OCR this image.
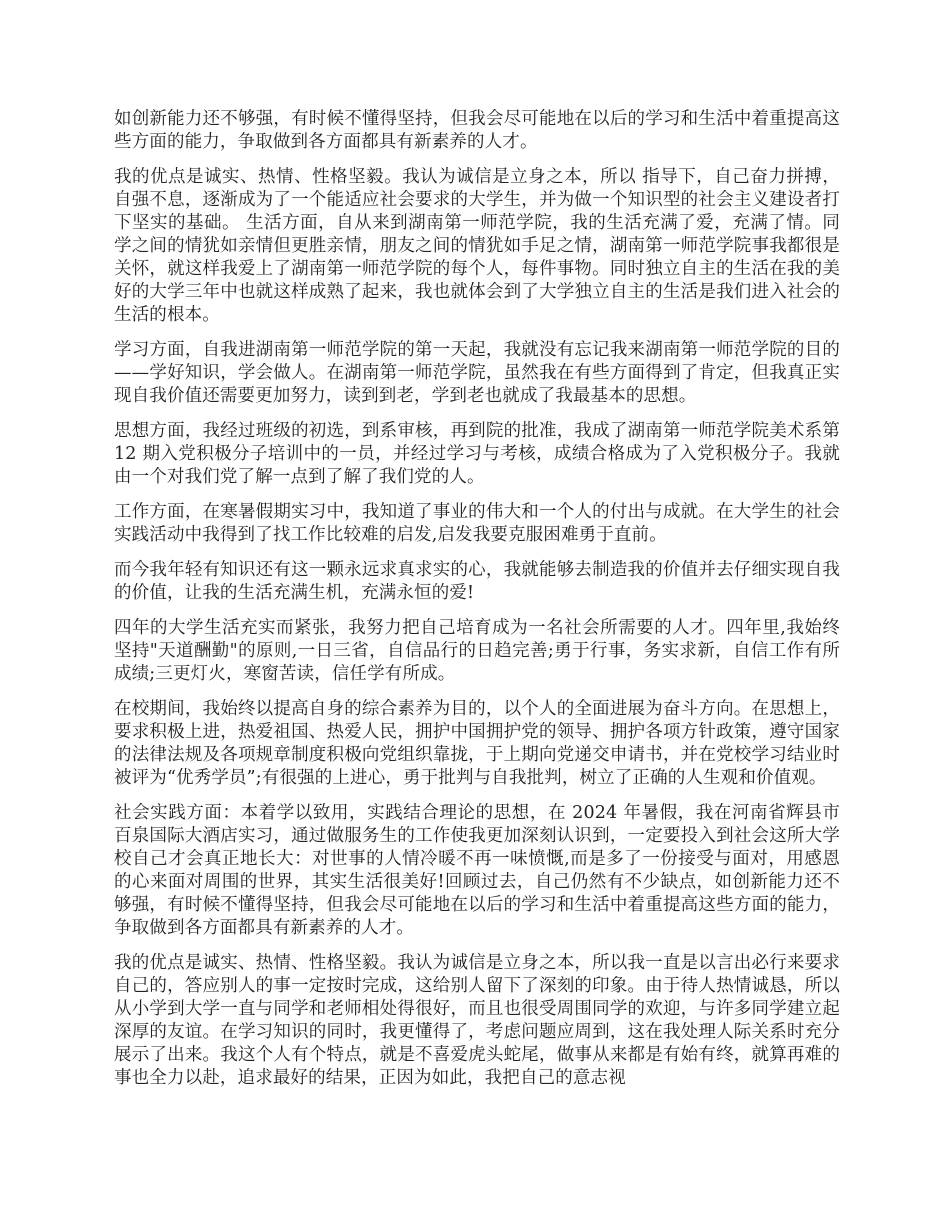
如创新能力还不够强，有时候不懂得坚持，但我会尽可能地在以后的学习和生活中着重提高这些方面的能力，争取做到各方面都具有新素养的人才。

我的优点是诚实、热情、性格坚毅。我认为诚信是立身之本，所以 指导下，自己奋力拼搏，自强不息，逐渐成为了一个能适应社会要求的大学生，并为做一个知识型的社会主义建设者打下坚实的基础。 生活方面，自从来到湖南第一师范学院，我的生活充满了爱，充满了情。同学之间的情犹如亲情但更胜亲情，朋友之间的情犹如手足之情，湖南第一师范学院事我都很是关怀，就这样我爱上了湖南第一师范学院的每个人，每件事物。同时独立自主的生活在我的美好的大学三年中也就这样成熟了起来，我也就体会到了大学独立自主的生活是我们进入社会的生活的根本。

学习方面，自我进湖南第一师范学院的第一天起，我就没有忘记我来湖南第一师范学院的目的——学好知识，学会做人。在湖南第一师范学院，虽然我在有些方面得到了肯定，但我真正实现自我价值还需要更加努力，读到到老，学到老也就成了我最基本的思想。

思想方面，我经过班级的初选，到系审核，再到院的批准，我成了湖南第一师范学院美术系第 12 期入党积极分子培训中的一员，并经过学习与考核，成绩合格成为了入党积极分子。我就由一个对我们党了解一点到了解了我们党的人。

工作方面，在寒暑假期实习中，我知道了事业的伟大和一个人的付出与成就。在大学生的社会实践活动中我得到了找工作比较难的启发,启发我要克服困难勇于直前。

而今我年轻有知识还有这一颗永远求真求实的心，我就能够去制造我的价值并去仔细实现自我的价值，让我的生活充满生机，充满永恒的爱!

四年的大学生活充实而紧张，我努力把自己培育成为一名社会所需要的人才。四年里,我始终坚持"天道酬勤"的原则,一日三省，自信品行的日趋完善;勇于行事，务实求新，自信工作有所成绩;三更灯火，寒窗苦读，信任学有所成。

在校期间，我始终以提高自身的综合素养为目的，以个人的全面进展为奋斗方向。在思想上，要求积极上进，热爱祖国、热爱人民，拥护中国拥护党的领导、拥护各项方针政策，遵守国家的法律法规及各项规章制度积极向党组织靠拢，于上期向党递交申请书，并在党校学习结业时被评为“优秀学员”;有很强的上进心，勇于批判与自我批判，树立了正确的人生观和价值观。

社会实践方面：本着学以致用，实践结合理论的思想，在 2024 年暑假，我在河南省辉县市百泉国际大酒店实习，通过做服务生的工作使我更加深刻认识到，一定要投入到社会这所大学校自己才会真正地长大：对世事的人情冷暖不再一味愤慨,而是多了一份接受与面对，用感恩的心来面对周围的世界，其实生活很美好!回顾过去，自己仍然有不少缺点，如创新能力还不够强，有时候不懂得坚持，但我会尽可能地在以后的学习和生活中着重提高这些方面的能力，争取做到各方面都具有新素养的人才。

我的优点是诚实、热情、性格坚毅。我认为诚信是立身之本，所以我一直是以言出必行来要求自己的，答应别人的事一定按时完成，这给别人留下了深刻的印象。由于待人热情诚恳，所以从小学到大学一直与同学和老师相处得很好，而且也很受周围同学的欢迎，与许多同学建立起深厚的友谊。在学习知识的同时，我更懂得了，考虑问题应周到，这在我处理人际关系时充分展示了出来。我这个人有个特点，就是不喜爱虎头蛇尾，做事从来都是有始有终，就算再难的事也全力以赴，追求最好的结果，正因为如此，我把自己的意志视
